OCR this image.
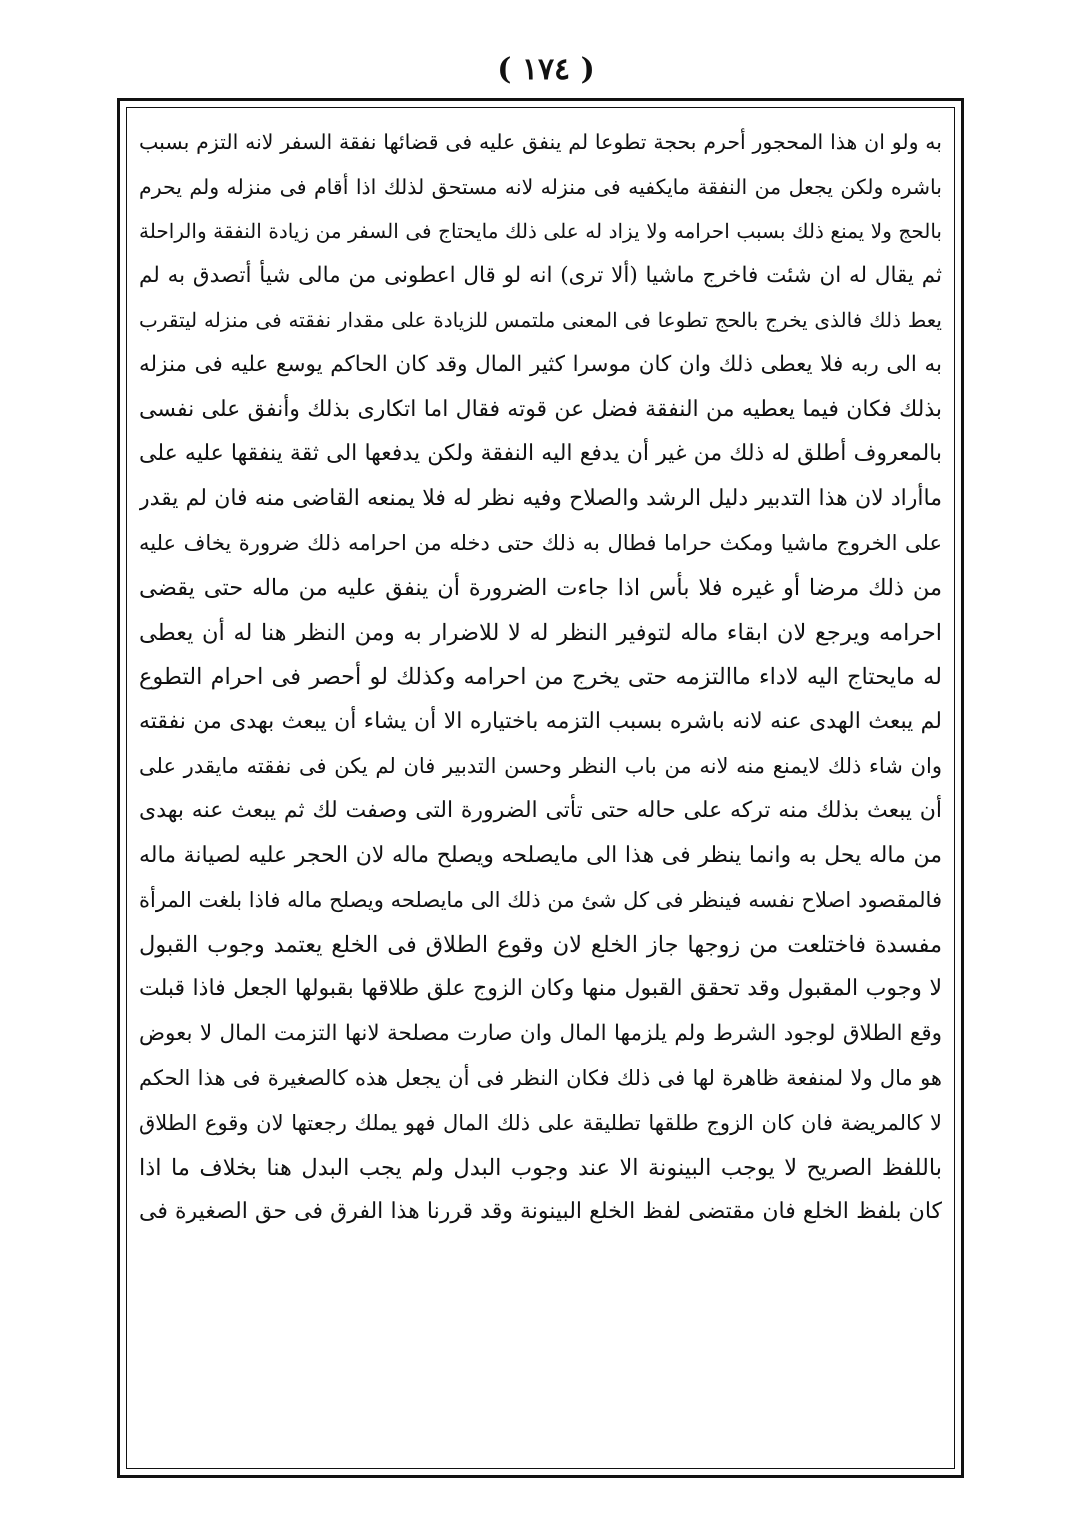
( ١٧٤ )
به ولو ان هذا المحجور أحرم بحجة تطوعا لم ينفق عليه فى قضائها نفقة السفر لانه التزم بسبب
باشره ولكن يجعل من النفقة مايكفيه فى منزله لانه مستحق لذلك اذا أقام فى منزله ولم يحرم
بالحج ولا يمنع ذلك بسبب احرامه ولا يزاد له على ذلك مايحتاج فى السفر من زيادة النفقة والراحلة
ثم يقال له ان شئت فاخرج ماشيا (ألا ترى) انه لو قال اعطونى من مالى شيأ أتصدق به لم
يعط ذلك فالذى يخرج بالحج تطوعا فى المعنى ملتمس للزيادة على مقدار نفقته فى منزله ليتقرب
به الى ربه فلا يعطى ذلك وان كان موسرا كثير المال وقد كان الحاكم يوسع عليه فى منزله
بذلك فكان فيما يعطيه من النفقة فضل عن قوته فقال اما اتكارى بذلك وأنفق على نفسى
بالمعروف أطلق له ذلك من غير أن يدفع اليه النفقة ولكن يدفعها الى ثقة ينفقها عليه على
ماأراد لان هذا التدبير دليل الرشد والصلاح وفيه نظر له فلا يمنعه القاضى منه فان لم يقدر
على الخروج ماشيا ومكث حراما فطال به ذلك حتى دخله من احرامه ذلك ضرورة يخاف عليه
من ذلك مرضا أو غيره فلا بأس اذا جاءت الضرورة أن ينفق عليه من ماله حتى يقضى
احرامه ويرجع لان ابقاء ماله لتوفير النظر له لا للاضرار به ومن النظر هنا له أن يعطى
له مايحتاج اليه لاداء ماالتزمه حتى يخرج من احرامه وكذلك لو أحصر فى احرام التطوع
لم يبعث الهدى عنه لانه باشره بسبب التزمه باختياره الا أن يشاء أن يبعث بهدى من نفقته
وان شاء ذلك لايمنع منه لانه من باب النظر وحسن التدبير فان لم يكن فى نفقته مايقدر على
أن يبعث بذلك منه تركه على حاله حتى تأتى الضرورة التى وصفت لك ثم يبعث عنه بهدى
من ماله يحل به وانما ينظر فى هذا الى مايصلحه ويصلح ماله لان الحجر عليه لصيانة ماله
فالمقصود اصلاح نفسه فينظر فى كل شئ من ذلك الى مايصلحه ويصلح ماله فاذا بلغت المرأة
مفسدة فاختلعت من زوجها جاز الخلع لان وقوع الطلاق فى الخلع يعتمد وجوب القبول
لا وجوب المقبول وقد تحقق القبول منها وكان الزوج علق طلاقها بقبولها الجعل فاذا قبلت
وقع الطلاق لوجود الشرط ولم يلزمها المال وان صارت مصلحة لانها التزمت المال لا بعوض
هو مال ولا لمنفعة ظاهرة لها فى ذلك فكان النظر فى أن يجعل هذه كالصغيرة فى هذا الحكم
لا كالمريضة فان كان الزوج طلقها تطليقة على ذلك المال فهو يملك رجعتها لان وقوع الطلاق
باللفظ الصريح لا يوجب البينونة الا عند وجوب البدل ولم يجب البدل هنا بخلاف ما اذا
كان بلفظ الخلع فان مقتضى لفظ الخلع البينونة وقد قررنا هذا الفرق فى حق الصغيرة فى
